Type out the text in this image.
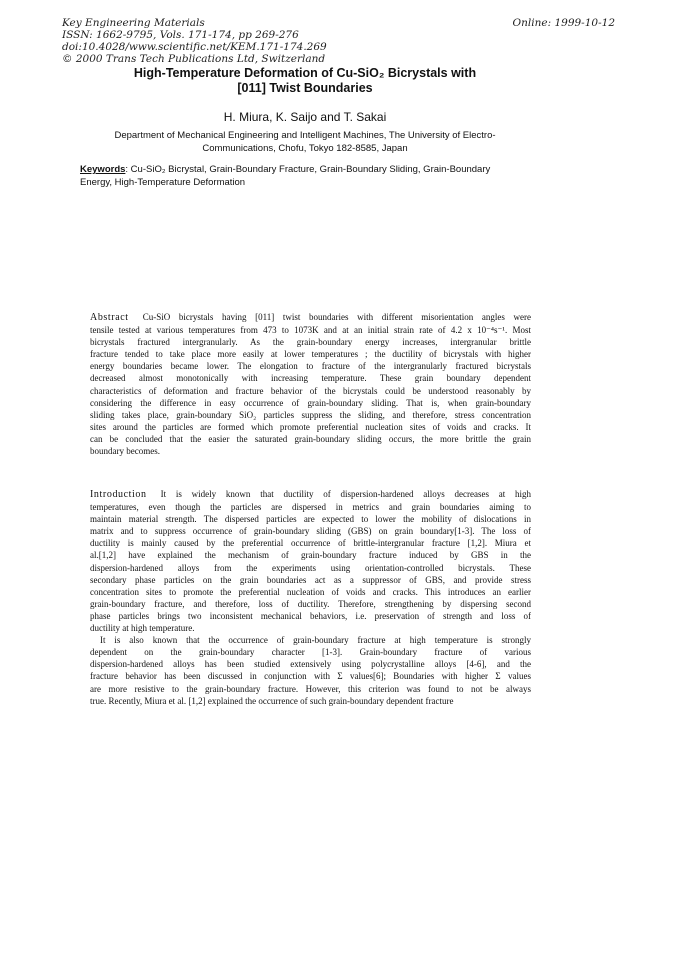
Key Engineering Materials
ISSN: 1662-9795, Vols. 171-174, pp 269-276
doi:10.4028/www.scientific.net/KEM.171-174.269
© 2000 Trans Tech Publications Ltd, Switzerland
Online: 1999-10-12
High-Temperature Deformation of Cu-SiO₂ Bicrystals with
[011] Twist Boundaries
H. Miura, K. Saijo and T. Sakai
Department of Mechanical Engineering and Intelligent Machines, The University of Electro-
Communications, Chofu, Tokyo 182-8585, Japan
Keywords: Cu-SiO₂ Bicrystal, Grain-Boundary Fracture, Grain-Boundary Sliding, Grain-Boundary
Energy, High-Temperature Deformation
Abstract Cu-SiO bicrystals having [011] twist boundaries with different misorientation angles were
tensile tested at various temperatures from 473 to 1073K and at an initial strain rate of 4.2 x 10⁻⁴s⁻¹. Most
bicrystals fractured intergranularly. As the grain-boundary energy increases, intergranular brittle
fracture tended to take place more easily at lower temperatures ; the ductility of bicrystals with higher
energy boundaries became lower. The elongation to fracture of the intergranularly fractured bicrystals
decreased almost monotonically with increasing temperature. These grain boundary dependent
characteristics of deformation and fracture behavior of the bicrystals could be understood reasonably by
considering the difference in easy occurrence of grain-boundary sliding. That is, when grain-boundary
sliding takes place, grain-boundary SiO₂ particles suppress the sliding, and therefore, stress concentration
sites around the particles are formed which promote preferential nucleation sites of voids and cracks. It
can be concluded that the easier the saturated grain-boundary sliding occurs, the more brittle the grain
boundary becomes.
Introduction It is widely known that ductility of dispersion-hardened alloys decreases at high
temperatures, even though the particles are dispersed in metrics and grain boundaries aiming to
maintain material strength. The dispersed particles are expected to lower the mobility of dislocations in
matrix and to suppress occurrence of grain-boundary sliding (GBS) on grain boundary[1-3]. The loss of
ductility is mainly caused by the preferential occurrence of brittle-intergranular fracture [1,2]. Miura et
al.[1,2] have explained the mechanism of grain-boundary fracture induced by GBS in the
dispersion-hardened alloys from the experiments using orientation-controlled bicrystals. These
secondary phase particles on the grain boundaries act as a suppressor of GBS, and provide stress
concentration sites to promote the preferential nucleation of voids and cracks. This introduces an earlier
grain-boundary fracture, and therefore, loss of ductility. Therefore, strengthening by dispersing second
phase particles brings two inconsistent mechanical behaviors, i.e. preservation of strength and loss of
ductility at high temperature.
It is also known that the occurrence of grain-boundary fracture at high temperature is strongly
dependent on the grain-boundary character [1-3]. Grain-boundary fracture of various
dispersion-hardened alloys has been studied extensively using polycrystalline alloys [4-6], and the
fracture behavior has been discussed in conjunction with Σ values[6]; Boundaries with higher Σ values
are more resistive to the grain-boundary fracture. However, this criterion was found to not be always
true. Recently, Miura et al. [1,2] explained the occurrence of such grain-boundary dependent fracture
